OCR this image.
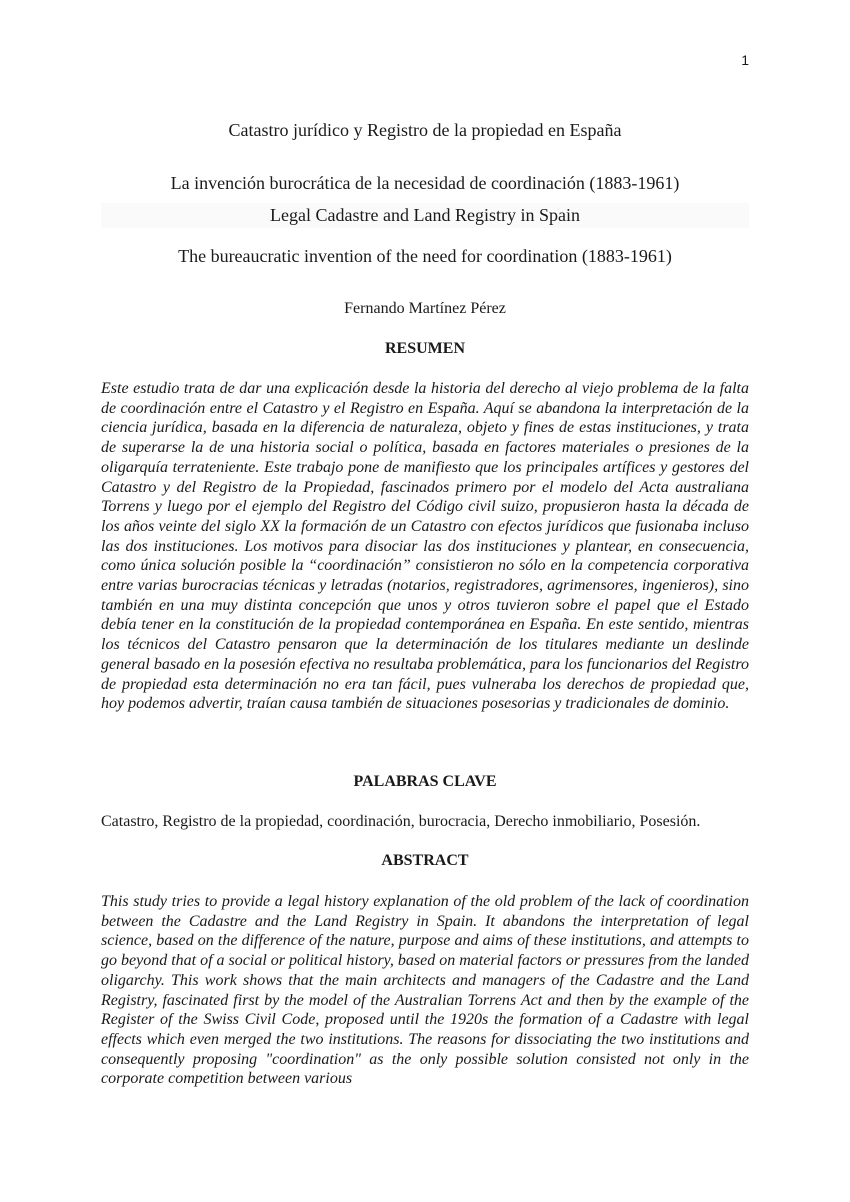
1
Catastro jurídico y Registro de la propiedad en España
La invención burocrática de la necesidad de coordinación (1883-1961)
Legal Cadastre and Land Registry in Spain
The bureaucratic invention of the need for coordination (1883-1961)
Fernando Martínez Pérez
RESUMEN

Este estudio trata de dar una explicación desde la historia del derecho al viejo problema de la falta de coordinación entre el Catastro y el Registro en España. Aquí se abandona la interpretación de la ciencia jurídica, basada en la diferencia de naturaleza, objeto y fines de estas instituciones, y trata de superarse la de una historia social o política, basada en factores materiales o presiones de la oligarquía terrateniente. Este trabajo pone de manifiesto que los principales artífices y gestores del Catastro y del Registro de la Propiedad, fascinados primero por el modelo del Acta australiana Torrens y luego por el ejemplo del Registro del Código civil suizo, propusieron hasta la década de los años veinte del siglo XX la formación de un Catastro con efectos jurídicos que fusionaba incluso las dos instituciones. Los motivos para disociar las dos instituciones y plantear, en consecuencia, como única solución posible la “coordinación” consistieron no sólo en la competencia corporativa entre varias burocracias técnicas y letradas (notarios, registradores, agrimensores, ingenieros), sino también en una muy distinta concepción que unos y otros tuvieron sobre el papel que el Estado debía tener en la constitución de la propiedad contemporánea en España. En este sentido, mientras los técnicos del Catastro pensaron que la determinación de los titulares mediante un deslinde general basado en la posesión efectiva no resultaba problemática, para los funcionarios del Registro de propiedad esta determinación no era tan fácil, pues vulneraba los derechos de propiedad que, hoy podemos advertir, traían causa también de situaciones posesorias y tradicionales de dominio.

PALABRAS CLAVE

Catastro, Registro de la propiedad, coordinación, burocracia, Derecho inmobiliario, Posesión.

ABSTRACT

This study tries to provide a legal history explanation of the old problem of the lack of coordination between the Cadastre and the Land Registry in Spain. It abandons the interpretation of legal science, based on the difference of the nature, purpose and aims of these institutions, and attempts to go beyond that of a social or political history, based on material factors or pressures from the landed oligarchy. This work shows that the main architects and managers of the Cadastre and the Land Registry, fascinated first by the model of the Australian Torrens Act and then by the example of the Register of the Swiss Civil Code, proposed until the 1920s the formation of a Cadastre with legal effects which even merged the two institutions. The reasons for dissociating the two institutions and consequently proposing "coordination" as the only possible solution consisted not only in the corporate competition between various
